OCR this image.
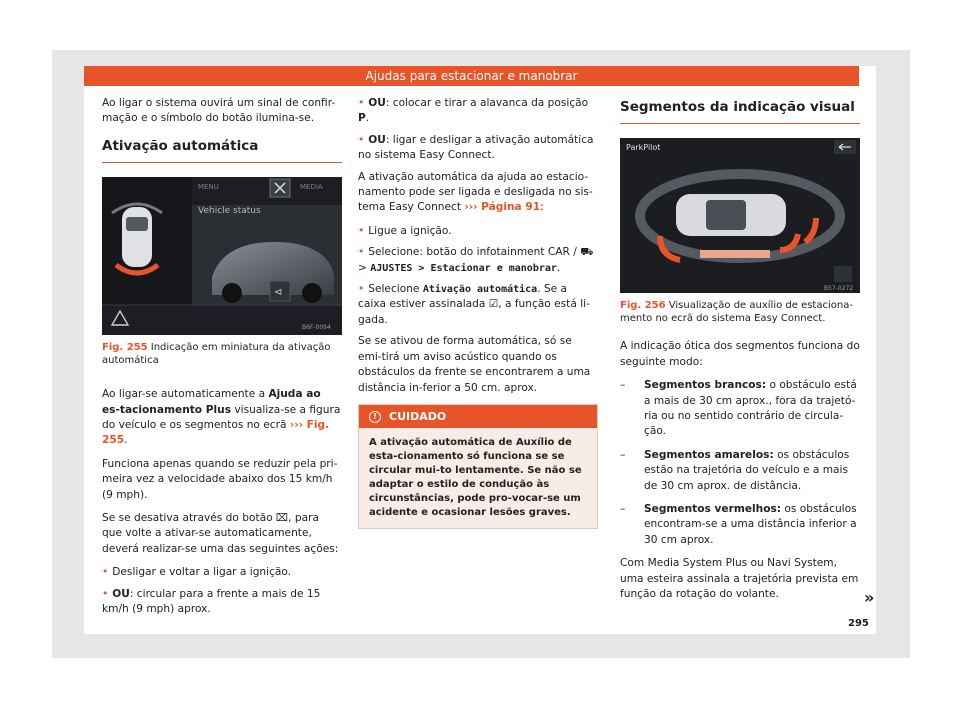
Ajudas para estacionar e manobrar

Ao ligar o sistema ouvirá um sinal de confir-mação e o símbolo do botão ilumina-se.

Ativação automática
⊲
B6F-0094
MENU	MEDIA
Vehicle status
Fig. 255 Indicação em miniatura da ativação automática

Ao ligar-se automaticamente a Ajuda ao es-tacionamento Plus visualiza-se a figura do veículo e os segmentos no ecrã ››› Fig. 255.

Funciona apenas quando se reduzir pela pri-meira vez a velocidade abaixo dos 15 km/h (9 mph).

Se se desativa através do botão ⌧, para que volte a ativar-se automaticamente, deverá realizar-se uma das seguintes ações:

• Desligar e voltar a ligar a ignição.

• OU: circular para a frente a mais de 15 km/h (9 mph) aprox.

• OU: colocar e tirar a alavanca da posição P.

• OU: ligar e desligar a ativação automática no sistema Easy Connect.

A ativação automática da ajuda ao estacio-namento pode ser ligada e desligada no sis-tema Easy Connect ››› Página 91:

• Ligue a ignição.

• Selecione: botão do infotainment CAR / ⛟ > AJUSTES > Estacionar e manobrar.

• Selecione Ativação automática. Se a caixa estiver assinalada ☑, a função está li-gada.

Se se ativou de forma automática, só se emi-tirá um aviso acústico quando os obstáculos da frente se encontrarem a uma distância in-ferior a 50 cm. aprox.

!	CUIDADO
A ativação automática de Auxílio de esta-cionamento só funciona se se circular mui-to lentamente. Se não se adaptar o estilo de condução às circunstâncias, pode pro-vocar-se um acidente e ocasionar lesões graves.
Segmentos da indicação visual
ParkPilot
B57-0272
Fig. 256 Visualização de auxílio de estaciona-mento no ecrã do sistema Easy Connect.

A indicação ótica dos segmentos funciona do seguinte modo:

–	Segmentos brancos: o obstáculo está a mais de 30 cm aprox., fora da trajetó-ria ou no sentido contrário de circula-ção.
–	Segmentos amarelos: os obstáculos estão na trajetória do veículo e a mais de 30 cm aprox. de distância.
–	Segmentos vermelhos: os obstáculos encontram-se a uma distância inferior a 30 cm aprox.

Com Media System Plus ou Navi System, uma esteira assinala a trajetória prevista em função da rotação do volante.	»
295
